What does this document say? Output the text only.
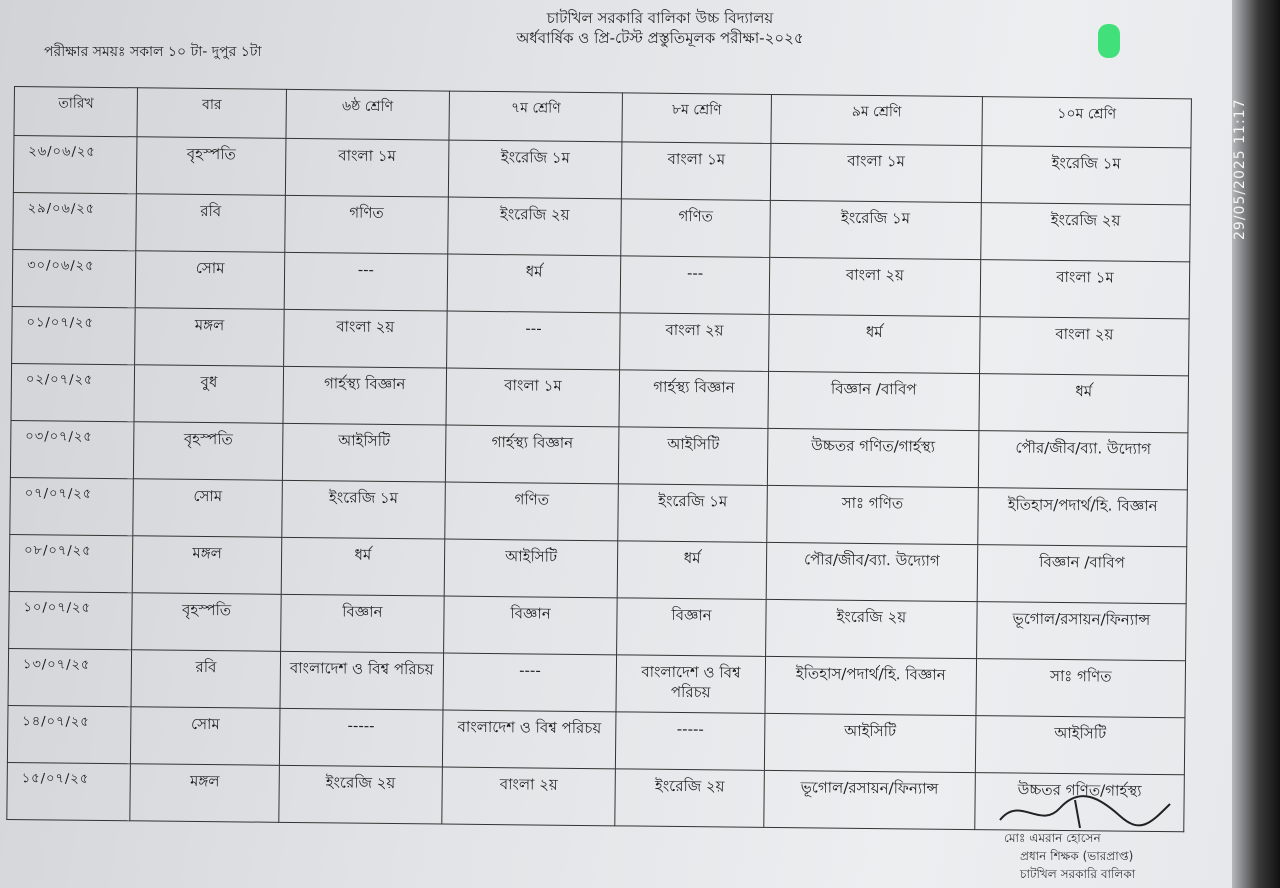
চাটখিল সরকারি বালিকা উচ্চ বিদ্যালয়
অর্ধবার্ষিক ও প্রি-টেস্ট প্রস্তুতিমূলক পরীক্ষা-২০২৫
পরীক্ষার সময়ঃ সকাল ১০ টা- দুপুর ১টা
তারিখ	বার	৬ষ্ঠ শ্রেণি	৭ম শ্রেণি	৮ম শ্রেণি	৯ম শ্রেণি	১০ম শ্রেণি
২৬/০৬/২৫	বৃহস্পতি	বাংলা ১ম	ইংরেজি ১ম	বাংলা ১ম	বাংলা ১ম	ইংরেজি ১ম
২৯/০৬/২৫	রবি	গণিত	ইংরেজি ২য়	গণিত	ইংরেজি ১ম	ইংরেজি ২য়
৩০/০৬/২৫	সোম	---	ধর্ম	---	বাংলা ২য়	বাংলা ১ম
০১/০৭/২৫	মঙ্গল	বাংলা ২য়	---	বাংলা ২য়	ধর্ম	বাংলা ২য়
০২/০৭/২৫	বুধ	গার্হস্থ্য বিজ্ঞান	বাংলা ১ম	গার্হস্থ্য বিজ্ঞান	বিজ্ঞান /বাবিপ	ধর্ম
০৩/০৭/২৫	বৃহস্পতি	আইসিটি	গার্হস্থ্য বিজ্ঞান	আইসিটি	উচ্চতর গণিত/গার্হস্থ্য	পৌর/জীব/ব্যা. উদ্যোগ
০৭/০৭/২৫	সোম	ইংরেজি ১ম	গণিত	ইংরেজি ১ম	সাঃ গণিত	ইতিহাস/পদার্থ/হি. বিজ্ঞান
০৮/০৭/২৫	মঙ্গল	ধর্ম	আইসিটি	ধর্ম	পৌর/জীব/ব্যা. উদ্যোগ	বিজ্ঞান /বাবিপ
১০/০৭/২৫	বৃহস্পতি	বিজ্ঞান	বিজ্ঞান	বিজ্ঞান	ইংরেজি ২য়	ভূগোল/রসায়ন/ফিন্যান্স
১৩/০৭/২৫	রবি	বাংলাদেশ ও বিশ্ব পরিচয়	----	বাংলাদেশ ও বিশ্ব পরিচয়	ইতিহাস/পদার্থ/হি. বিজ্ঞান	সাঃ গণিত
১৪/০৭/২৫	সোম	-----	বাংলাদেশ ও বিশ্ব পরিচয়	-----	আইসিটি	আইসিটি
১৫/০৭/২৫	মঙ্গল	ইংরেজি ২য়	বাংলা ২য়	ইংরেজি ২য়	ভূগোল/রসায়ন/ফিন্যান্স	উচ্চতর গণিত/গার্হস্থ্য
মোঃ এমরান হোসেন
প্রধান শিক্ষক (ভারপ্রাপ্ত)
চাটখিল সরকারি বালিকা
29/05/2025 11:17
